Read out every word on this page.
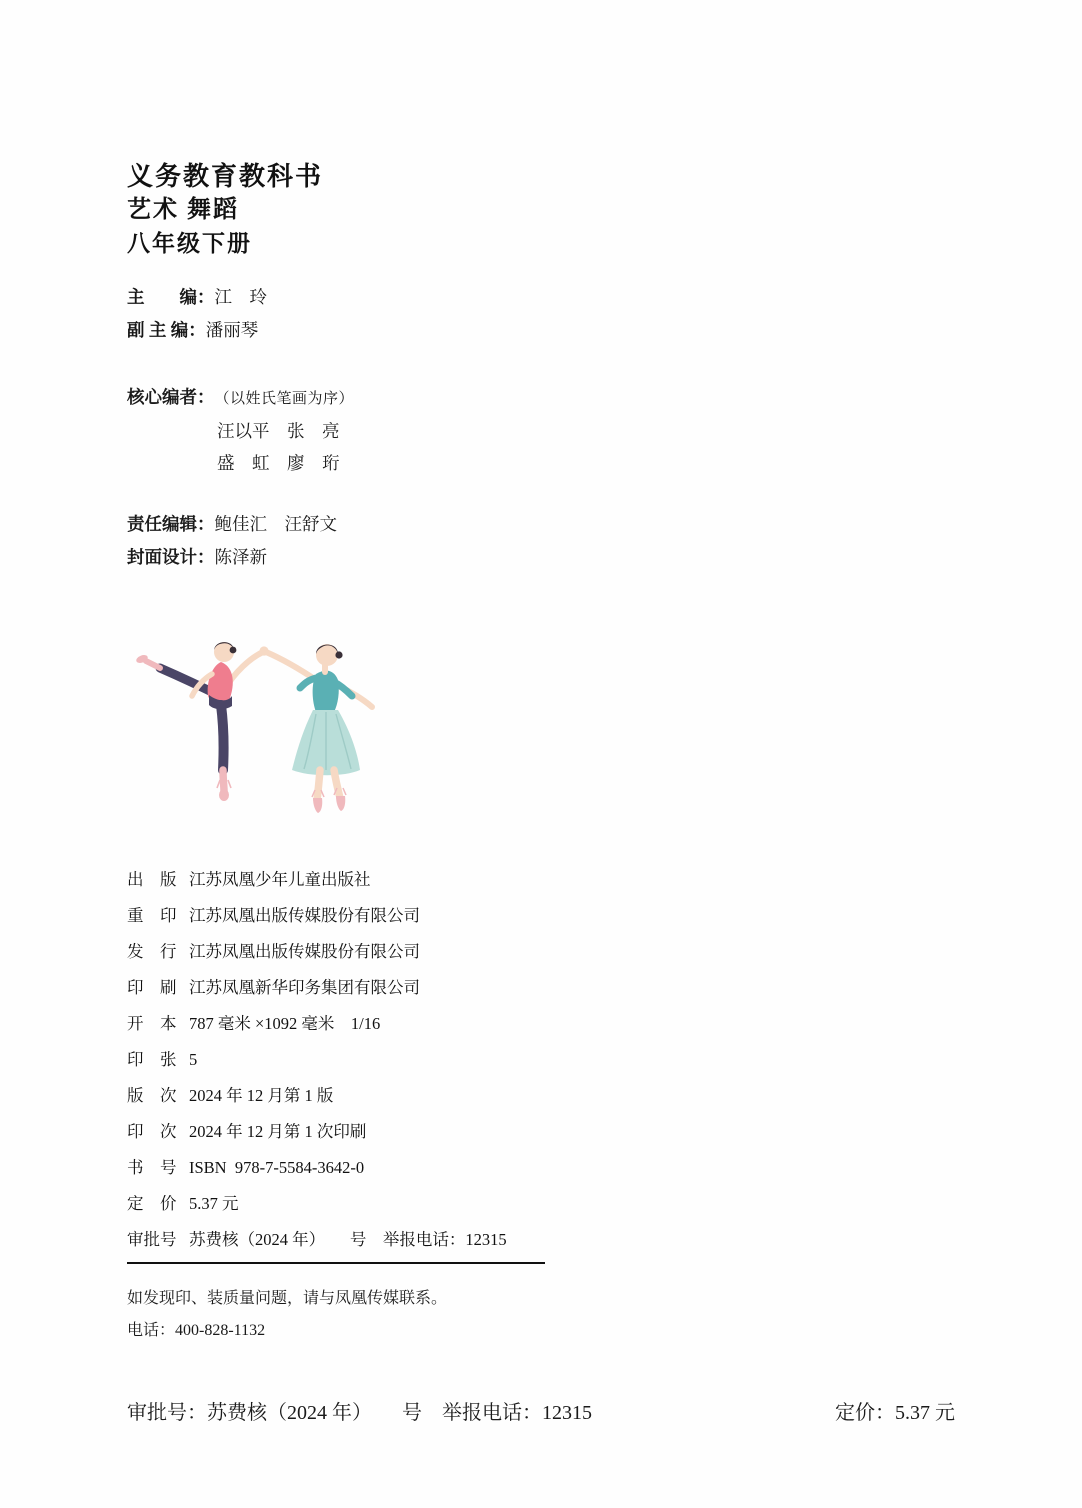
义务教育教科书
艺术 舞蹈
八年级下册
主　　编： 江　玲
副 主 编： 潘丽琴
核心编者： （以姓氏笔画为序）
汪以平　张　亮
盛　虹　廖　珩
责任编辑： 鲍佳汇　汪舒文
封面设计： 陈泽新
出　版 江苏凤凰少年儿童出版社
重　印 江苏凤凰出版传媒股份有限公司
发　行 江苏凤凰出版传媒股份有限公司
印　刷 江苏凤凰新华印务集团有限公司
开　本 787 毫米 ×1092 毫米　1/16
印　张 5
版　次 2024 年 12 月第 1 版
印　次 2024 年 12 月第 1 次印刷
书　号 ISBN  978-7-5584-3642-0
定　价 5.37 元
审批号 苏费核（2024 年）　　号　举报电话：12315
如发现印、装质量问题，请与凤凰传媒联系。
电话：400-828-1132
审批号：苏费核（2024 年）　　号　举报电话：12315	定价：5.37 元
